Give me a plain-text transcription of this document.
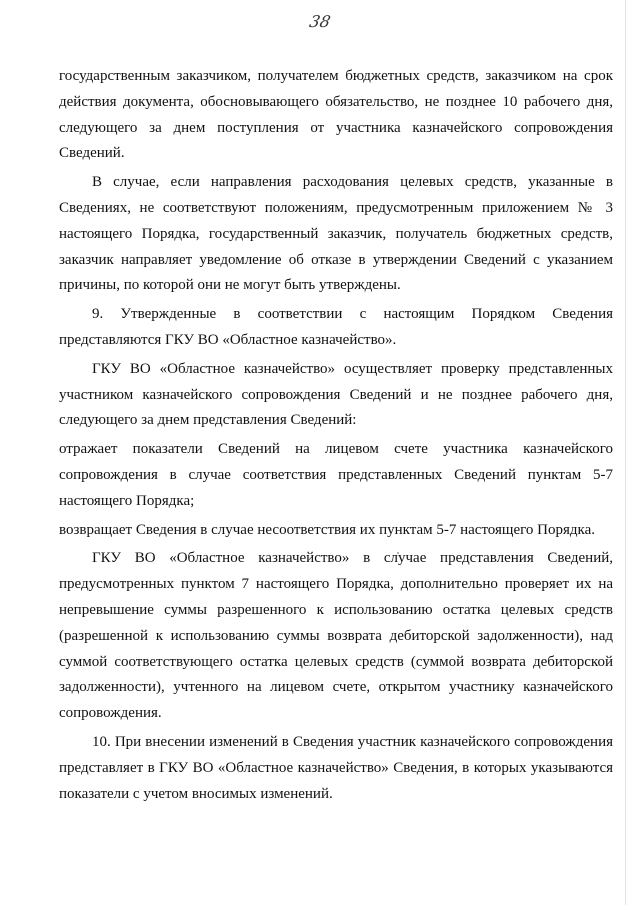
38

государственным заказчиком, получателем бюджетных средств, заказчиком на срок действия документа, обосновывающего обязательство, не позднее 10 рабочего дня, следующего за днем поступления от участника казначейского сопровождения Сведений.

В случае, если направления расходования целевых средств, указанные в Сведениях, не соответствуют положениям, предусмотренным приложением № 3 настоящего Порядка, государственный заказчик, получатель бюджетных средств, заказчик направляет уведомление об отказе в утверждении Сведений с указанием причины, по которой они не могут быть утверждены.

9. Утвержденные в соответствии с настоящим Порядком Сведения представляются ГКУ ВО «Областное казначейство».

ГКУ ВО «Областное казначейство» осуществляет проверку представленных участником казначейского сопровождения Сведений и не позднее рабочего дня, следующего за днем представления Сведений:

отражает показатели Сведений на лицевом счете участника казначейского сопровождения в случае соответствия представленных Сведений пунктам 5-7 настоящего Порядка;

возвращает Сведения в случае несоответствия их пунктам 5-7 настоящего Порядка.

ГКУ ВО «Областное казначейство» в случае представления Сведений, предусмотренных пунктом 7 настоящего Порядка, дополнительно проверяет их на непревышение суммы разрешенного к использованию остатка целевых средств (разрешенной к использованию суммы возврата дебиторской задолженности), над суммой соответствующего остатка целевых средств (суммой возврата дебиторской задолженности), учтенного на лицевом счете, открытом участнику казначейского сопровождения.

10. При внесении изменений в Сведения участник казначейского сопровождения представляет в ГКУ ВО «Областное казначейство» Сведения, в которых указываются показатели с учетом вносимых изменений.
